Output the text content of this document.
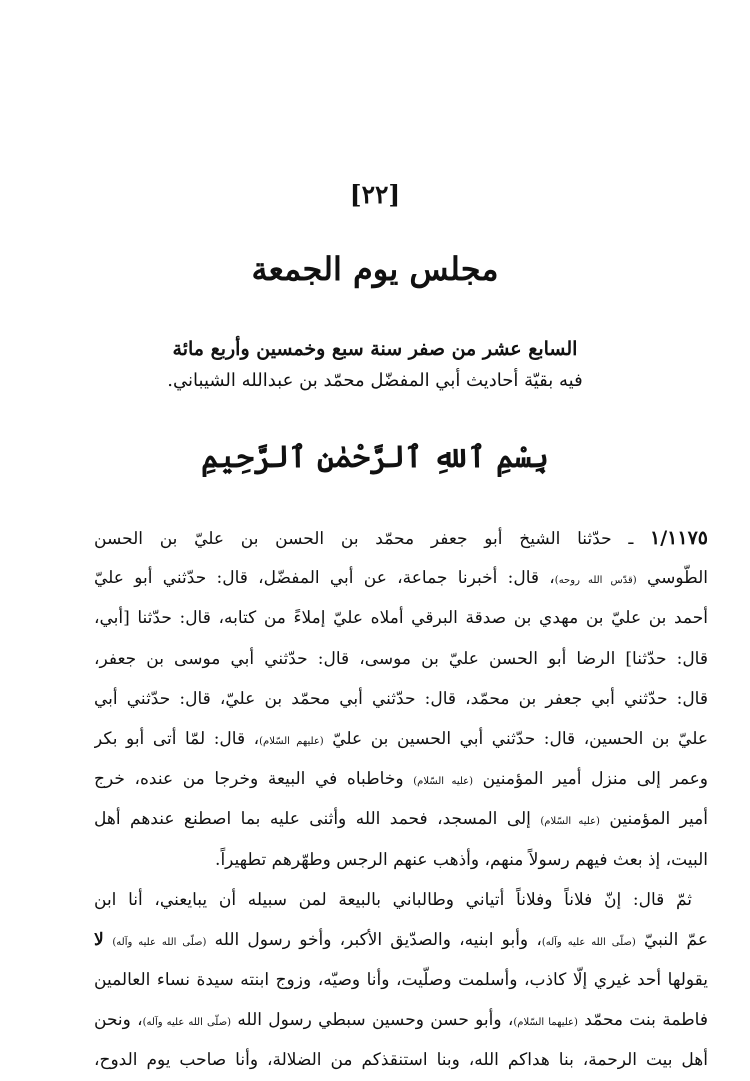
[٢٢]
مجلس يوم الجمعة
السابع عشر من صفر سنة سبع وخمسين وأربع مائة
فيه بقيّة أحاديث أبي المفضّل محمّد بن عبدالله الشيباني.
بِسْمِ ٱللهِ ٱلرَّحْمٰنِ ٱلرَّحِيمِ
١/١١٧٥ ـ حدّثنا الشيخ أبو جعفر محمّد بن الحسن بن عليّ بن الحسن
الطّوسي (قدّس الله روحه)، قال: أخبرنا جماعة، عن أبي المفضّل، قال: حدّثني أبو عليّ
أحمد بن عليّ بن مهدي بن صدقة البرقي أملاه عليّ إملاءً من كتابه، قال: حدّثنا [أبي،
قال: حدّثنا] الرضا أبو الحسن عليّ بن موسى، قال: حدّثني أبي موسى بن جعفر،
قال: حدّثني أبي جعفر بن محمّد، قال: حدّثني أبي محمّد بن عليّ، قال: حدّثني أبي
عليّ بن الحسين، قال: حدّثني أبي الحسين بن عليّ (عليهم السّلام)، قال: لمّا أتى أبو بكر
وعمر إلى منزل أمير المؤمنين (عليه السّلام) وخاطباه في البيعة وخرجا من عنده، خرج
أمير المؤمنين (عليه السّلام) إلى المسجد، فحمد الله وأثنى عليه بما اصطنع عندهم أهل
البيت، إذ بعث فيهم رسولاً منهم، وأذهب عنهم الرجس وطهّرهم تطهيراً.
ثمّ قال: إنّ فلاناً وفلاناً أتياني وطالباني بالبيعة لمن سبيله أن يبايعني، أنا ابن
عمّ النبيّ (صلّى الله عليه وآله)، وأبو ابنيه، والصدّيق الأكبر، وأخو رسول الله (صلّى الله عليه وآله) لا
يقولها أحد غيري إلّا كاذب، وأسلمت وصلّيت، وأنا وصيّه، وزوج ابنته سيدة نساء العالمين
فاطمة بنت محمّد (عليهما السّلام)، وأبو حسن وحسين سبطي رسول الله (صلّى الله عليه وآله)، ونحن
أهل بيت الرحمة، بنا هداكم الله، وبنا استنقذكم من الضلالة، وأنا صاحب يوم الدوح،
